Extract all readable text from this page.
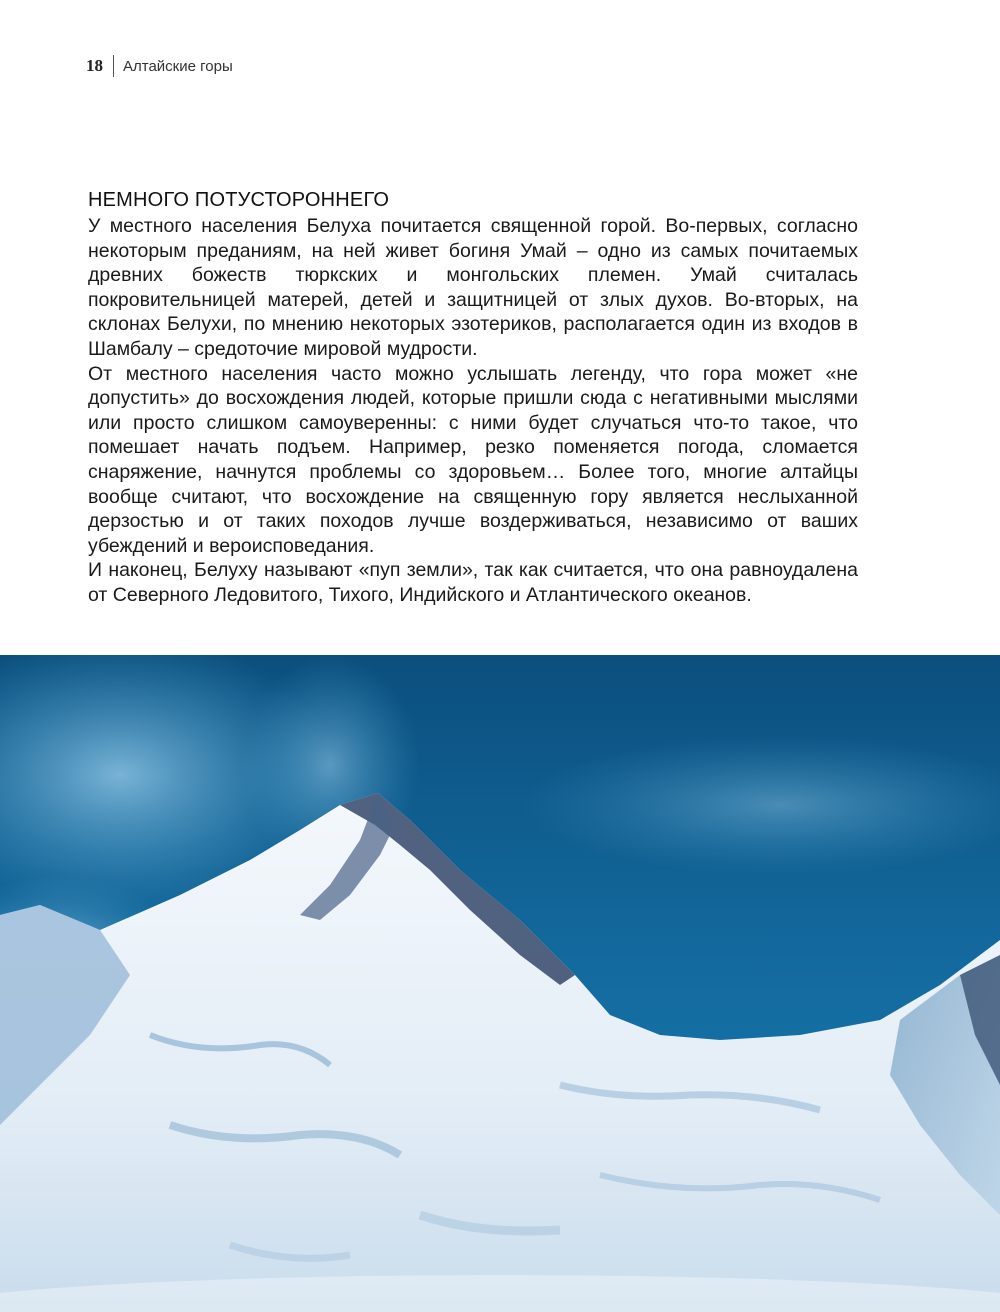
18 Алтайские горы
НЕМНОГО ПОТУСТОРОННЕГО

У местного населения Белуха почитается священной горой. Во-первых, согласно некоторым преданиям, на ней живет богиня Умай – одно из самых почитаемых древних божеств тюркских и монгольских племен. Умай считалась покровительницей матерей, детей и защитницей от злых духов. Во-вторых, на склонах Белухи, по мнению некоторых эзотериков, располагается один из входов в Шамбалу – средоточие мировой мудрости.

От местного населения часто можно услышать легенду, что гора может «не допустить» до восхождения людей, которые пришли сюда с негативными мыслями или просто слишком самоуверенны: с ними будет случаться что-то такое, что помешает начать подъем. Например, резко поменяется погода, сломается снаряжение, начнутся проблемы со здоровьем… Более того, многие алтайцы вообще считают, что восхождение на священную гору является неслыханной дерзостью и от таких походов лучше воздерживаться, независимо от ваших убеждений и вероисповедания.

И наконец, Белуху называют «пуп земли», так как считается, что она равноудалена от Северного Ледовитого, Тихого, Индийского и Атлантического океанов.
